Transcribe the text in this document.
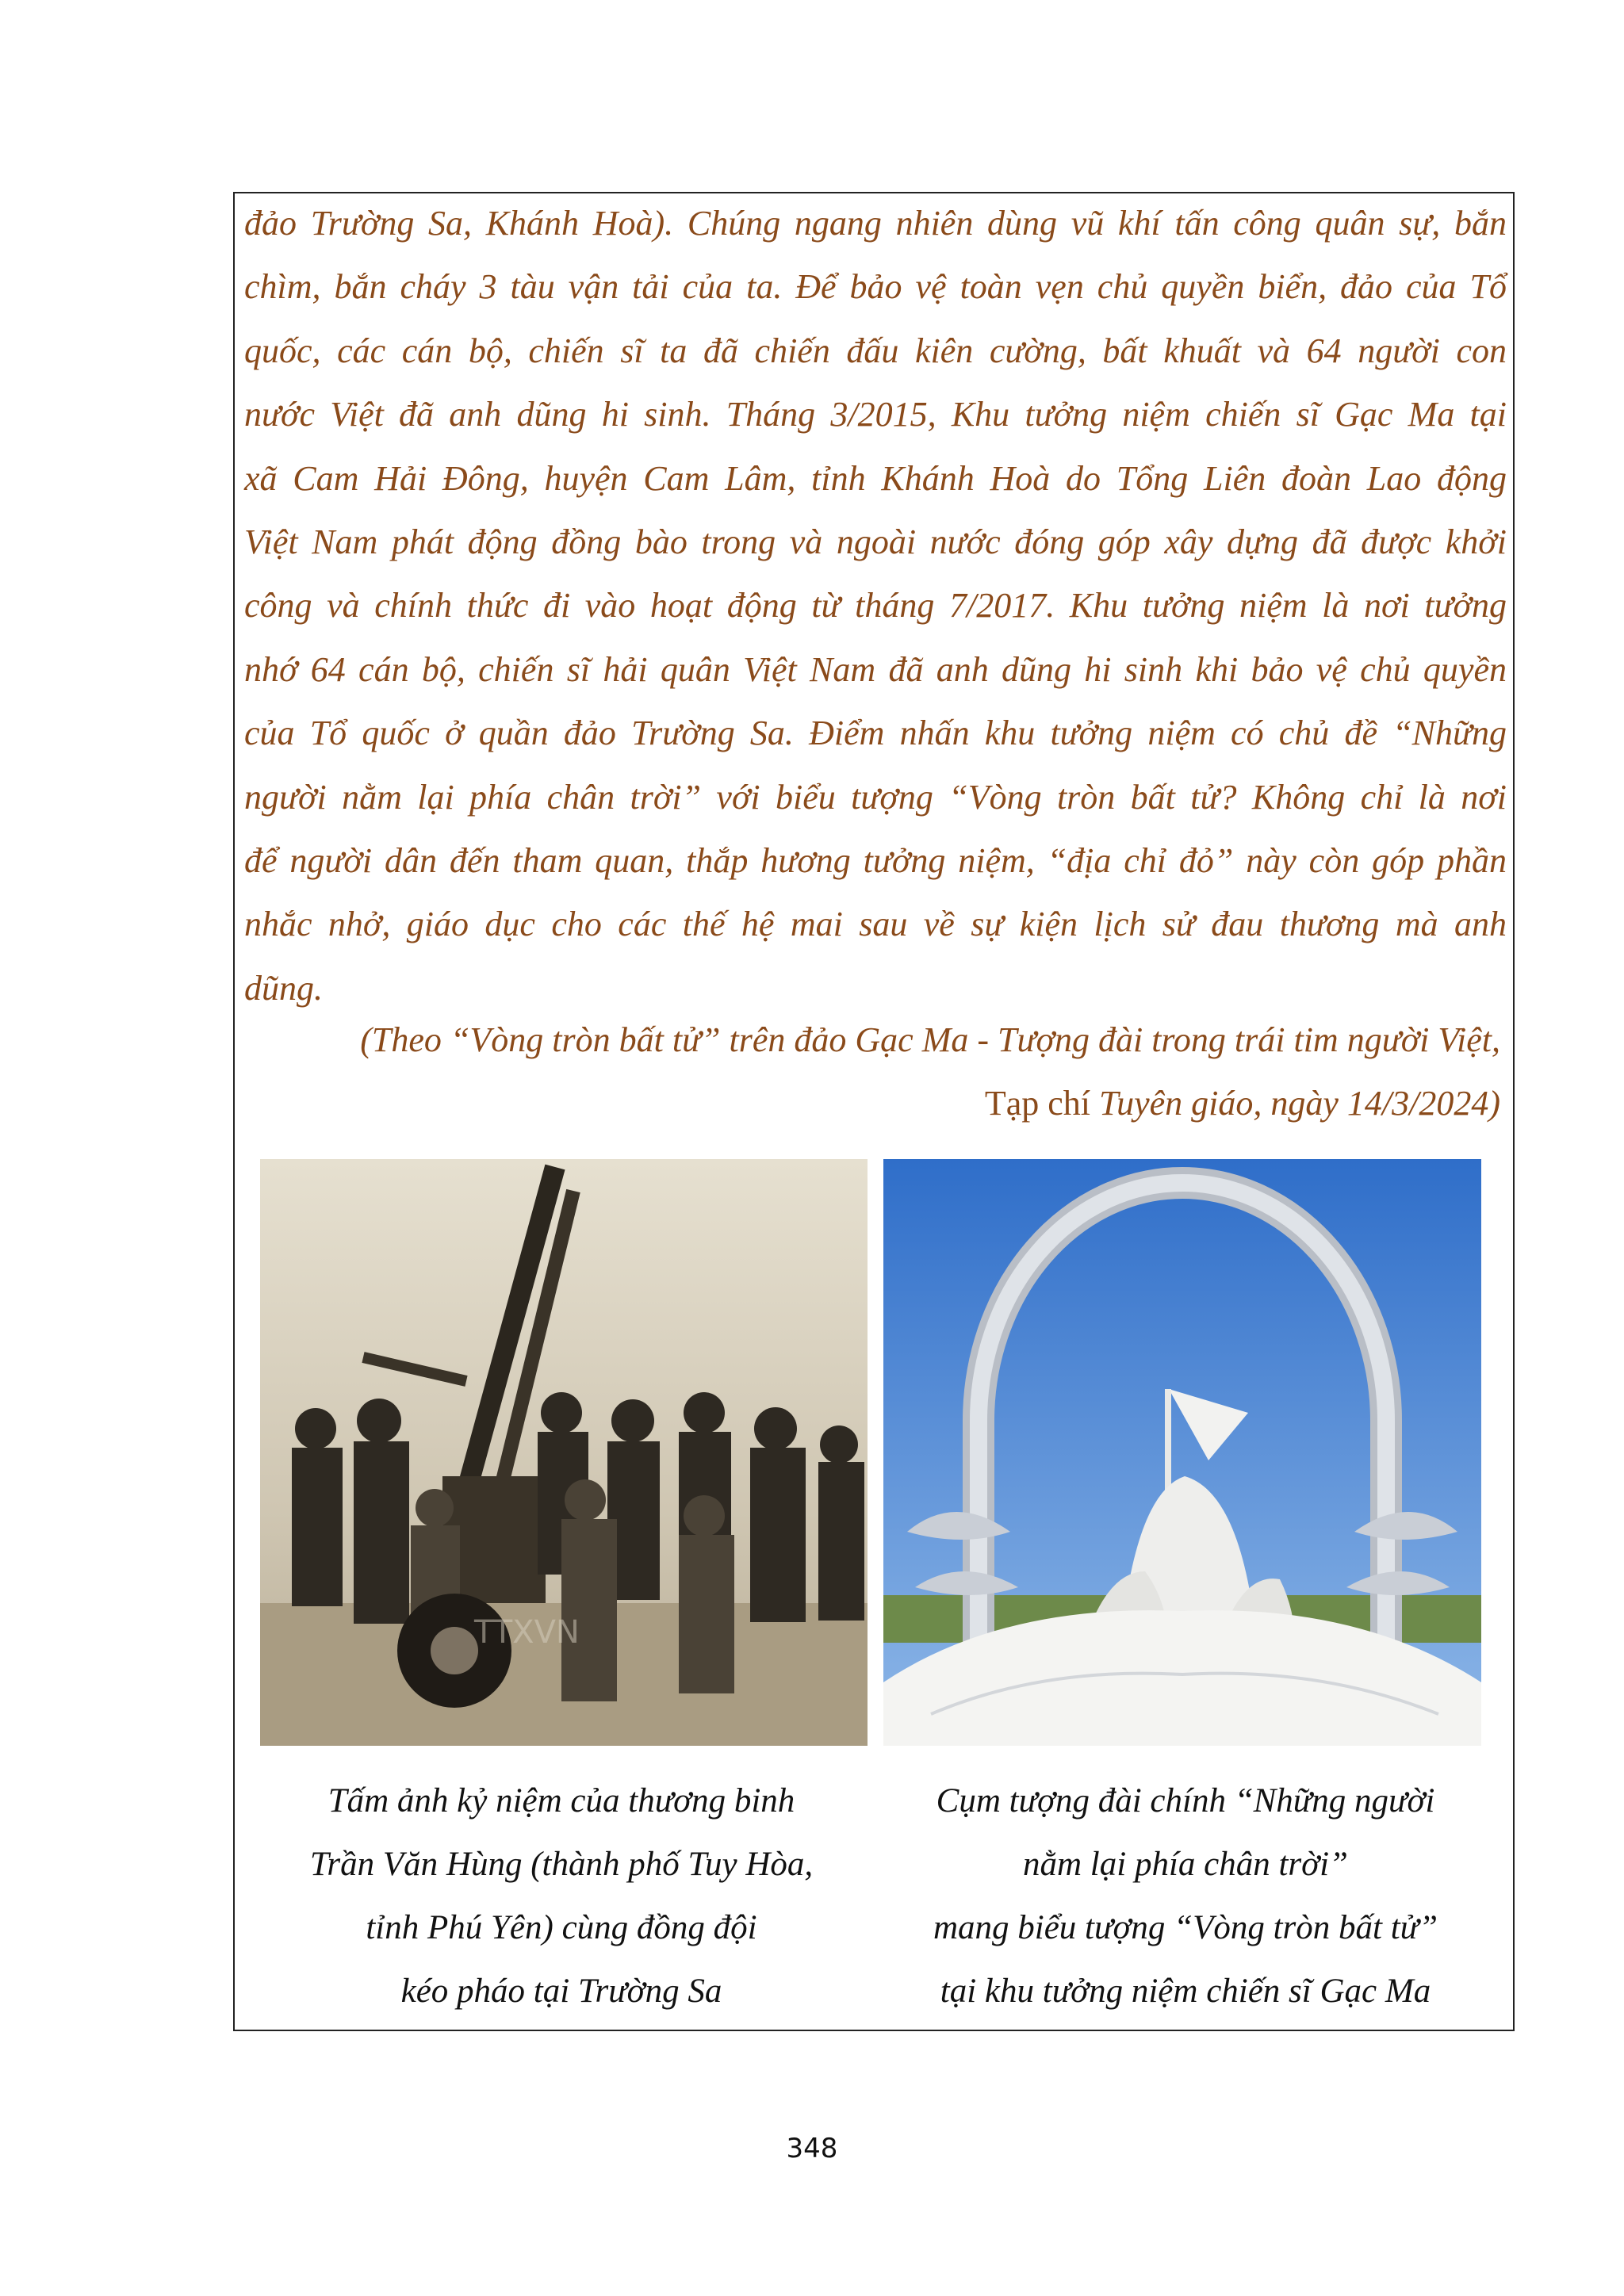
đảo Trường Sa, Khánh Hoà). Chúng ngang nhiên dùng vũ khí tấn công quân sự, bắn
chìm, bắn cháy 3 tàu vận tải của ta. Để bảo vệ toàn vẹn chủ quyền biển, đảo của Tổ
quốc, các cán bộ, chiến sĩ ta đã chiến đấu kiên cường, bất khuất và 64 người con
nước Việt đã anh dũng hi sinh. Tháng 3/2015, Khu tưởng niệm chiến sĩ Gạc Ma tại
xã Cam Hải Đông, huyện Cam Lâm, tỉnh Khánh Hoà do Tổng Liên đoàn Lao động
Việt Nam phát động đồng bào trong và ngoài nước đóng góp xây dựng đã được khởi
công và chính thức đi vào hoạt động từ tháng 7/2017. Khu tưởng niệm là nơi tưởng
nhớ 64 cán bộ, chiến sĩ hải quân Việt Nam đã anh dũng hi sinh khi bảo vệ chủ quyền
của Tổ quốc ở quần đảo Trường Sa. Điểm nhấn khu tưởng niệm có chủ đề “Những
người nằm lại phía chân trời” với biểu tượng “Vòng tròn bất tử? Không chỉ là nơi
để người dân đến tham quan, thắp hương tưởng niệm, “địa chỉ đỏ” này còn góp phần
nhắc nhở, giáo dục cho các thế hệ mai sau về sự kiện lịch sử đau thương mà anh
dũng.
(Theo “Vòng tròn bất tử” trên đảo Gạc Ma - Tượng đài trong trái tim người Việt,
Tạp chí Tuyên giáo, ngày 14/3/2024)
TTXVN
Tấm ảnh kỷ niệm của thương binh
Trần Văn Hùng (thành phố Tuy Hòa,
tỉnh Phú Yên) cùng đồng đội
kéo pháo tại Trường Sa
Cụm tượng đài chính “Những người
nằm lại phía chân trời”
mang biểu tượng “Vòng tròn bất tử”
tại khu tưởng niệm chiến sĩ Gạc Ma
348
